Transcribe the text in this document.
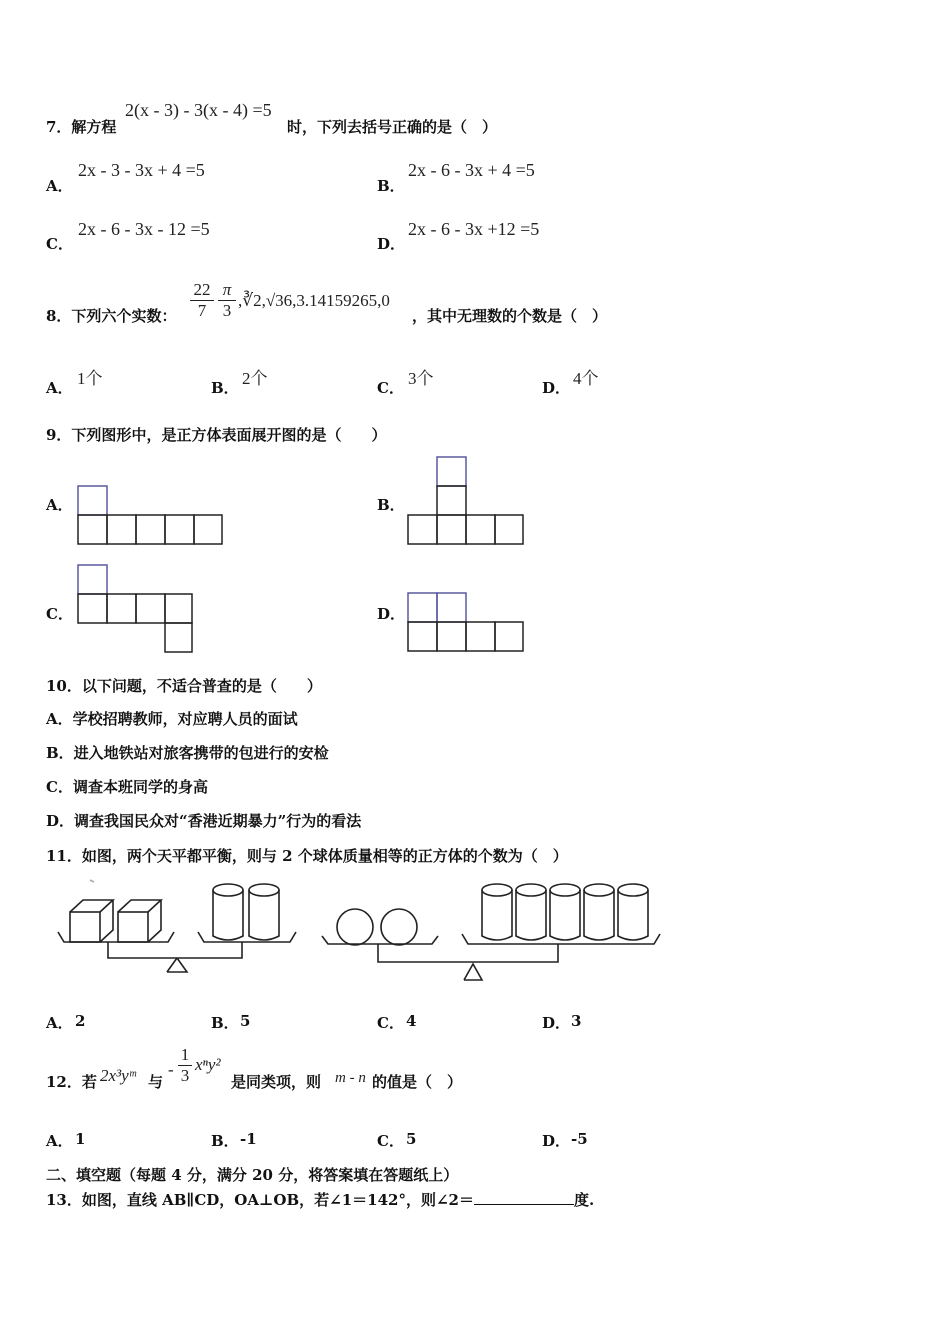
7．解方程
2(x - 3) - 3(x - 4) =5
时，下列去括号正确的是（　）
A．
2x - 3 - 3x + 4 =5
B．
2x - 6 - 3x + 4 =5
C．
2x - 6 - 3x - 12 =5
D．
2x - 6 - 3x +12 =5
8．下列六个实数： $\frac{22}{7} \frac{\pi}{3}$ ,∛2,√36,3.14159265,0
，其中无理数的个数是（　）
A． 1个	B． 2个	C． 3个	D． 4个
9．下列图形中，是正方体表面展开图的是（　　）
A．	B．
C．	D．
10．以下问题，不适合普查的是（　　）
A．学校招聘教师，对应聘人员的面试
B．进入地铁站对旅客携带的包进行的安检
C．调查本班同学的身高
D．调查我国民众对“香港近期暴力”行为的看法
11．如图，两个天平都平衡，则与 2 个球体质量相等的正方体的个数为（　）
A． 2	B． 5	C． 4	D． 3
12．若 2x³yᵐ 与
- $\frac{1}{3} x^ny^2$
是同类项，则 m - n 的值是（　）
A． 1	B． -1	C． 5	D． -5
二、填空题（每题 4 分，满分 20 分，将答案填在答题纸上）
13．如图，直线 AB∥CD，OA⊥OB，若∠1＝142°，则∠2＝	度.
